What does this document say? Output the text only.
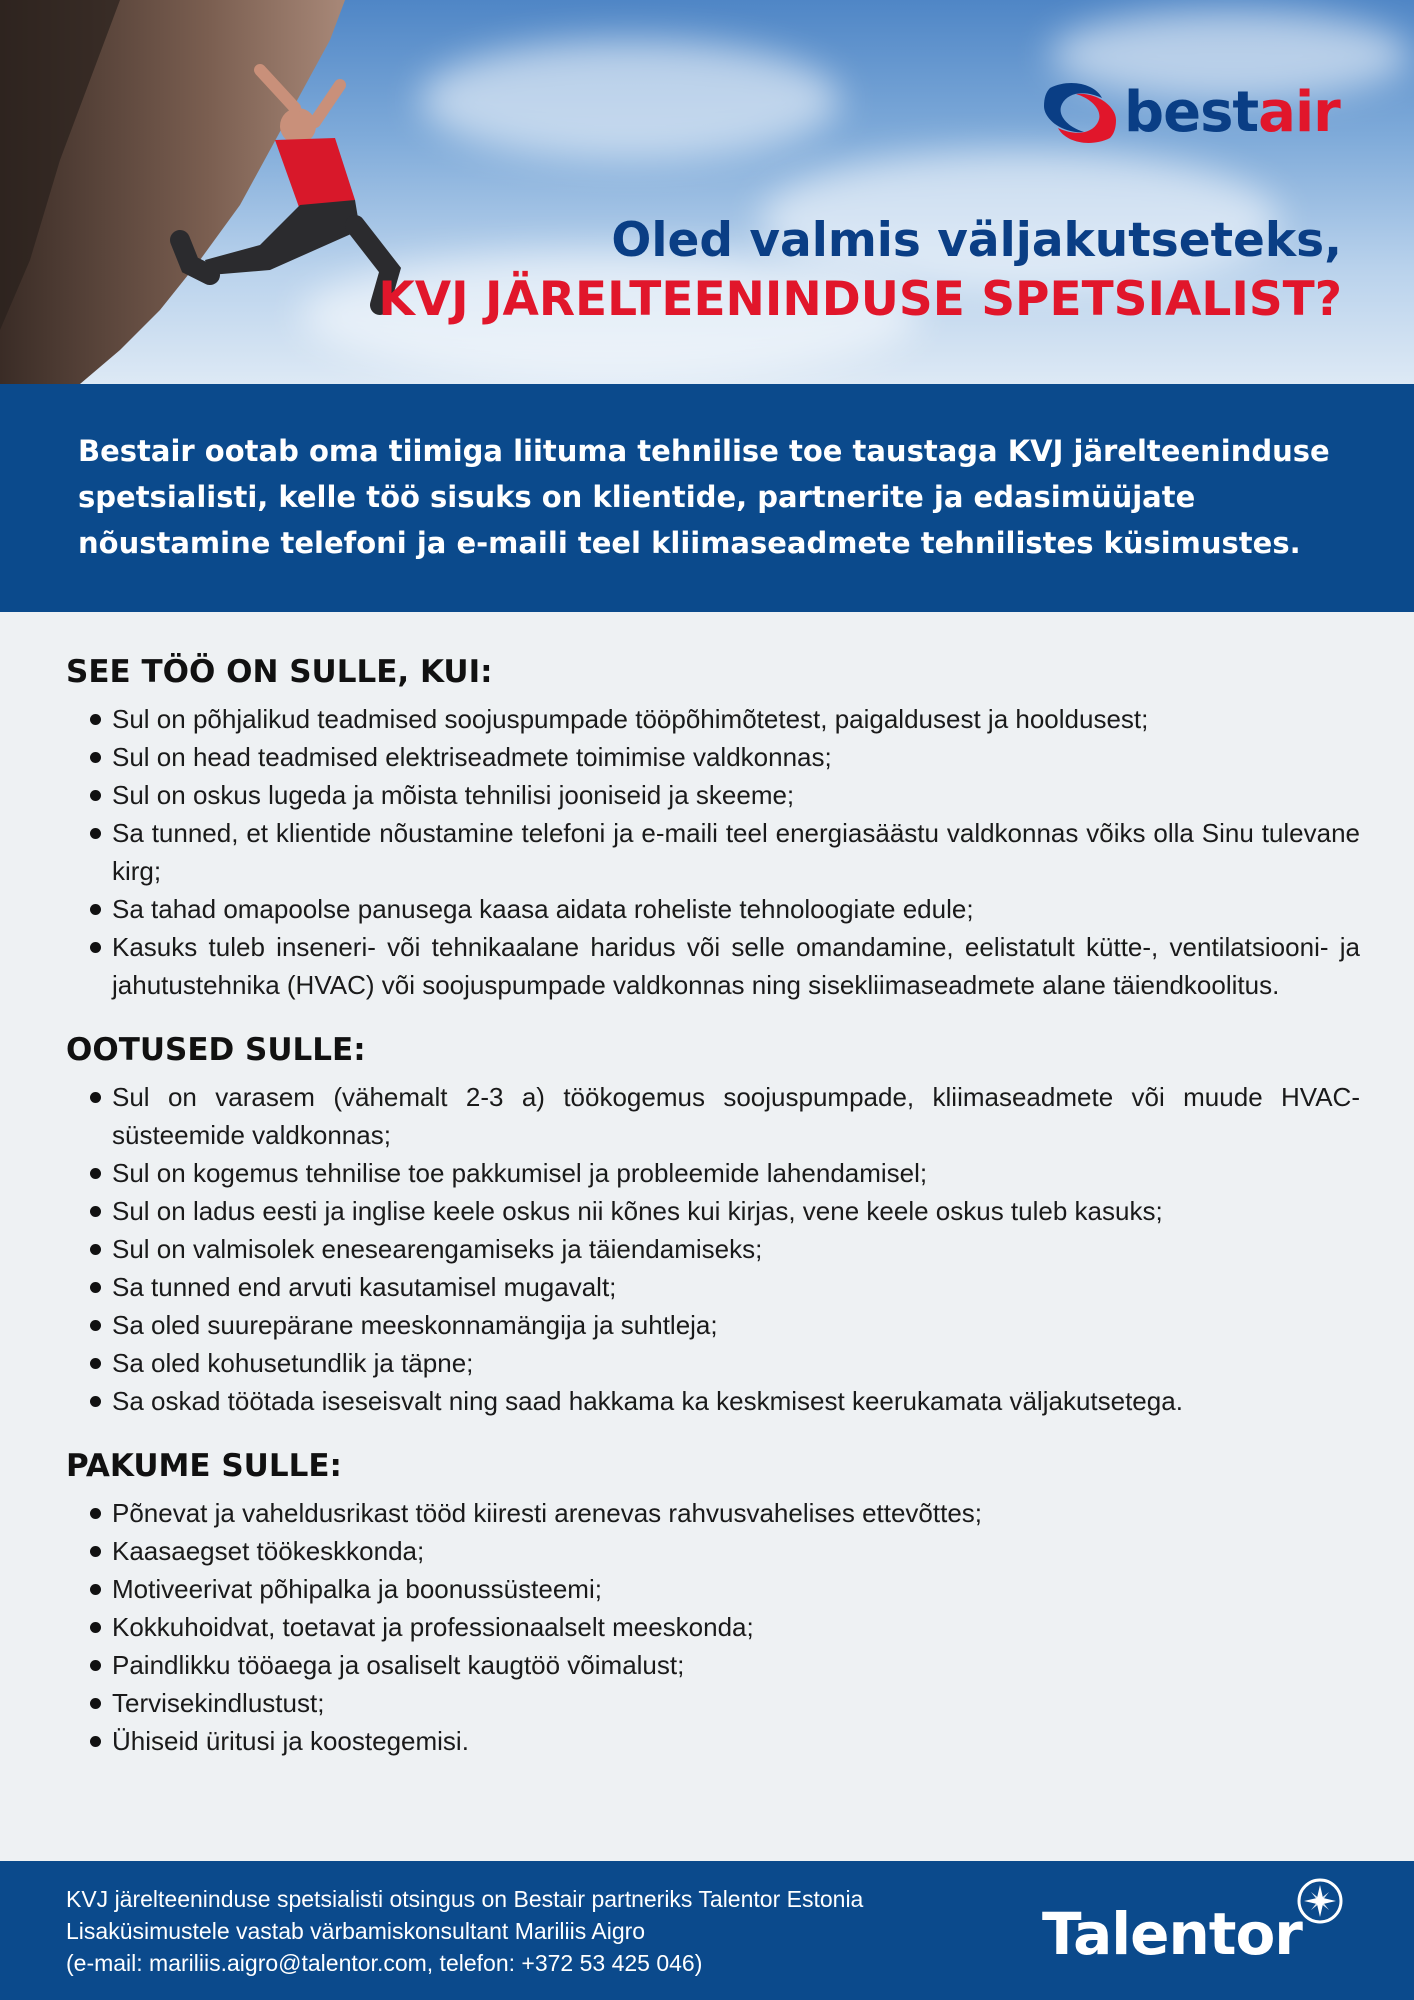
bestair
Oled valmis väljakutseteks,
KVJ JÄRELTEENINDUSE SPETSIALIST?

Bestair ootab oma tiimiga liituma tehnilise toe taustaga KVJ järelteeninduse spetsialisti, kelle töö sisuks on klientide, partnerite ja edasimüüjate nõustamine telefoni ja e-maili teel kliimaseadmete tehnilistes küsimustes.

SEE TÖÖ ON SULLE, KUI:
Sul on põhjalikud teadmised soojuspumpade tööpõhimõtetest, paigaldusest ja hooldusest;
Sul on head teadmised elektriseadmete toimimise valdkonnas;
Sul on oskus lugeda ja mõista tehnilisi jooniseid ja skeeme;
Sa tunned, et klientide nõustamine telefoni ja e-maili teel energiasäästu valdkonnas võiks olla Sinu tulevane kirg;
Sa tahad omapoolse panusega kaasa aidata roheliste tehnoloogiate edule;
Kasuks tuleb inseneri- või tehnikaalane haridus või selle omandamine, eelistatult kütte-, ventilatsiooni- ja jahutustehnika (HVAC) või soojuspumpade valdkonnas ning sisekliimaseadmete alane täiendkoolitus.
OOTUSED SULLE:
Sul on varasem (vähemalt 2-3 a) töökogemus soojuspumpade, kliimaseadmete või muude HVAC-süsteemide valdkonnas;
Sul on kogemus tehnilise toe pakkumisel ja probleemide lahendamisel;
Sul on ladus eesti ja inglise keele oskus nii kõnes kui kirjas, vene keele oskus tuleb kasuks;
Sul on valmisolek enesearengamiseks ja täiendamiseks;
Sa tunned end arvuti kasutamisel mugavalt;
Sa oled suurepärane meeskonnamängija ja suhtleja;
Sa oled kohusetundlik ja täpne;
Sa oskad töötada iseseisvalt ning saad hakkama ka keskmisest keerukamata väljakutsetega.
PAKUME SULLE:
Põnevat ja vaheldusrikast tööd kiiresti arenevas rahvusvahelises ettevõttes;
Kaasaegset töökeskkonda;
Motiveerivat põhipalka ja boonussüsteemi;
Kokkuhoidvat, toetavat ja professionaalselt meeskonda;
Paindlikku tööaega ja osaliselt kaugtöö võimalust;
Tervisekindlustust;
Ühiseid üritusi ja koostegemisi.
KVJ järelteeninduse spetsialisti otsingus on Bestair partneriks Talentor Estonia
Lisaküsimustele vastab värbamiskonsultant Mariliis Aigro
(e-mail: mariliis.aigro@talentor.com, telefon: +372 53 425 046)	Talentor
